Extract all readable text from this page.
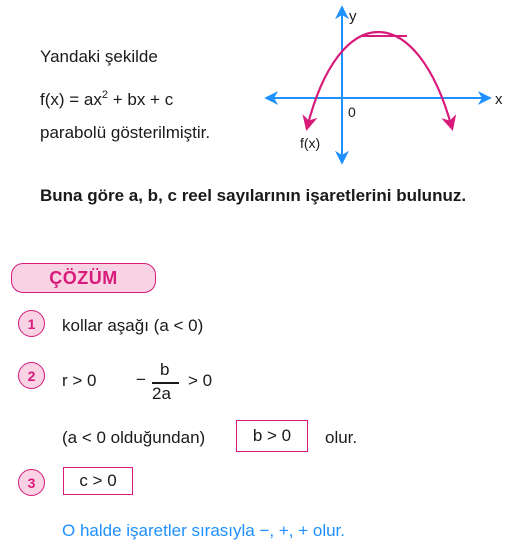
Yandaki şekilde
$f(x) = ax^2$ + bx + c
parabolü gösterilmiştir.
y
x
0
f(x)
Buna göre a, b, c reel sayılarının işaretlerini bulunuz.
ÇÖZÜM
1 kollar aşağı (a < 0)
2 r > 0 −
b
2a
> 0
(a < 0 olduğundan)	b > 0 olur.
3	c > 0
O halde işaretler sırasıyla −, +, + olur.
